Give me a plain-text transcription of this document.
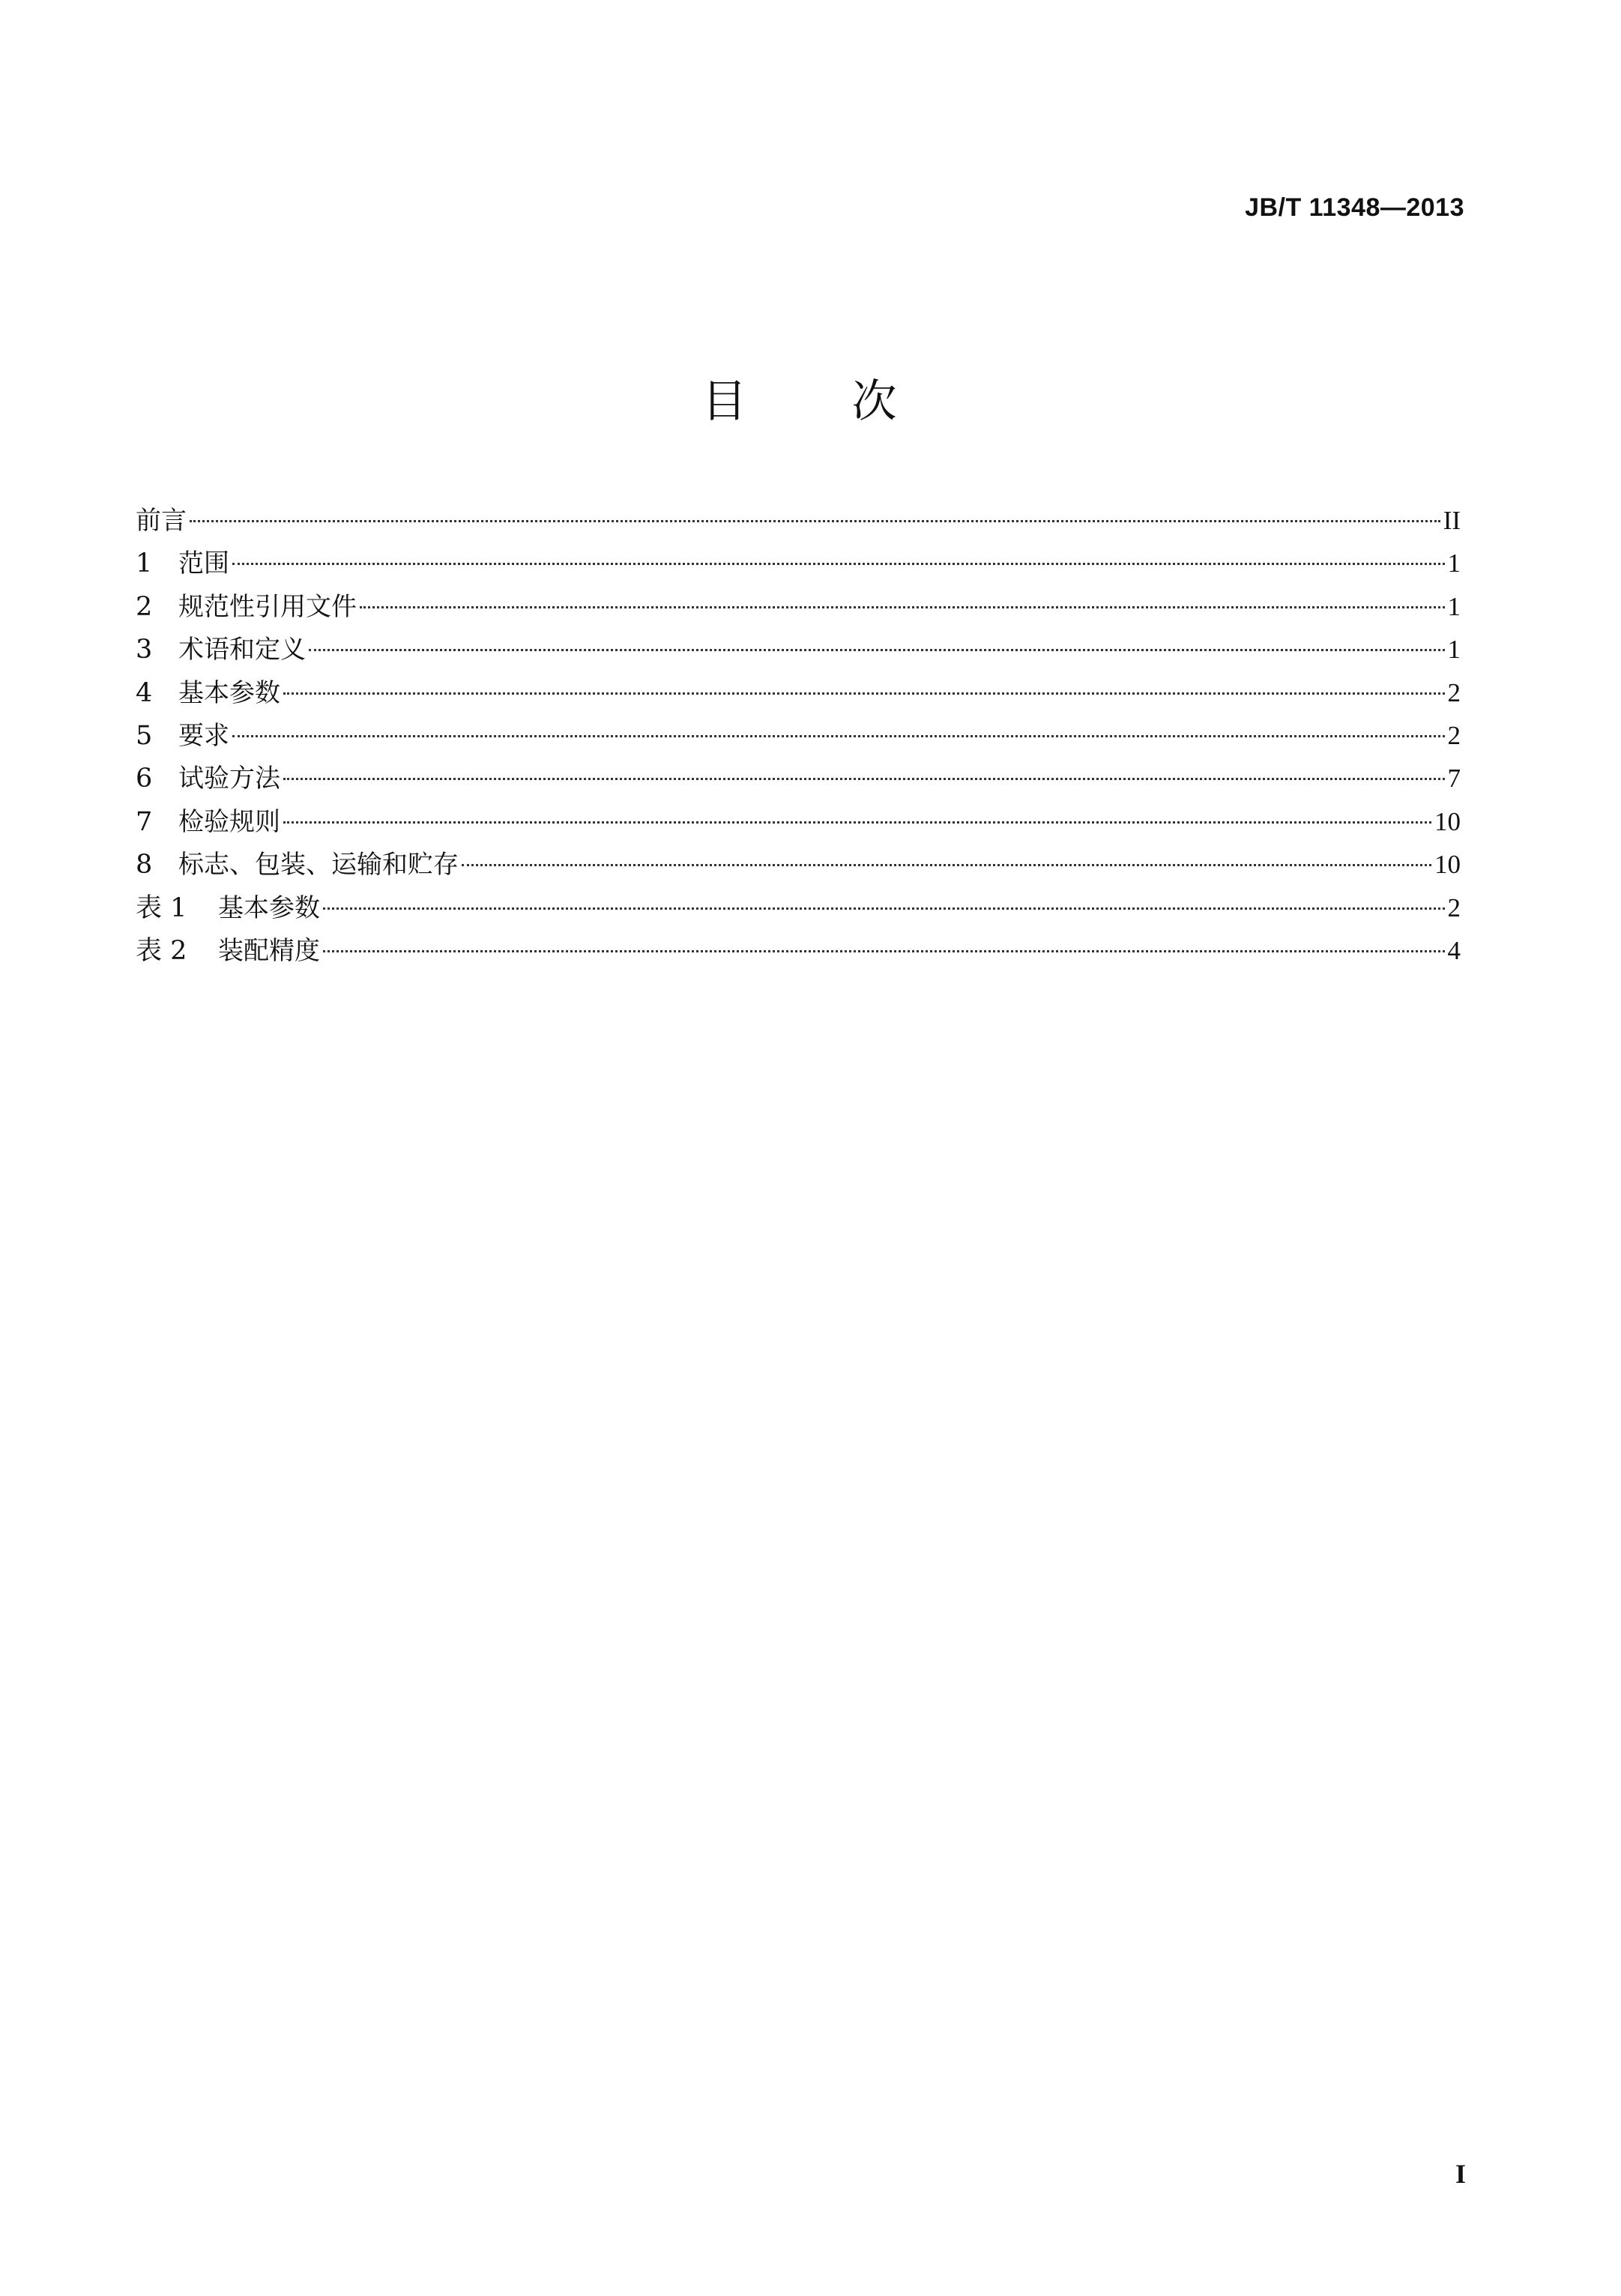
JB/T 11348—2013
目次
前言	II
1	范围	1
2	规范性引用文件	1
3	术语和定义	1
4	基本参数	2
5	要求	2
6	试验方法	7
7	检验规则	10
8	标志、包装、运输和贮存	10
表 1	基本参数	2
表 2	装配精度	4
I
